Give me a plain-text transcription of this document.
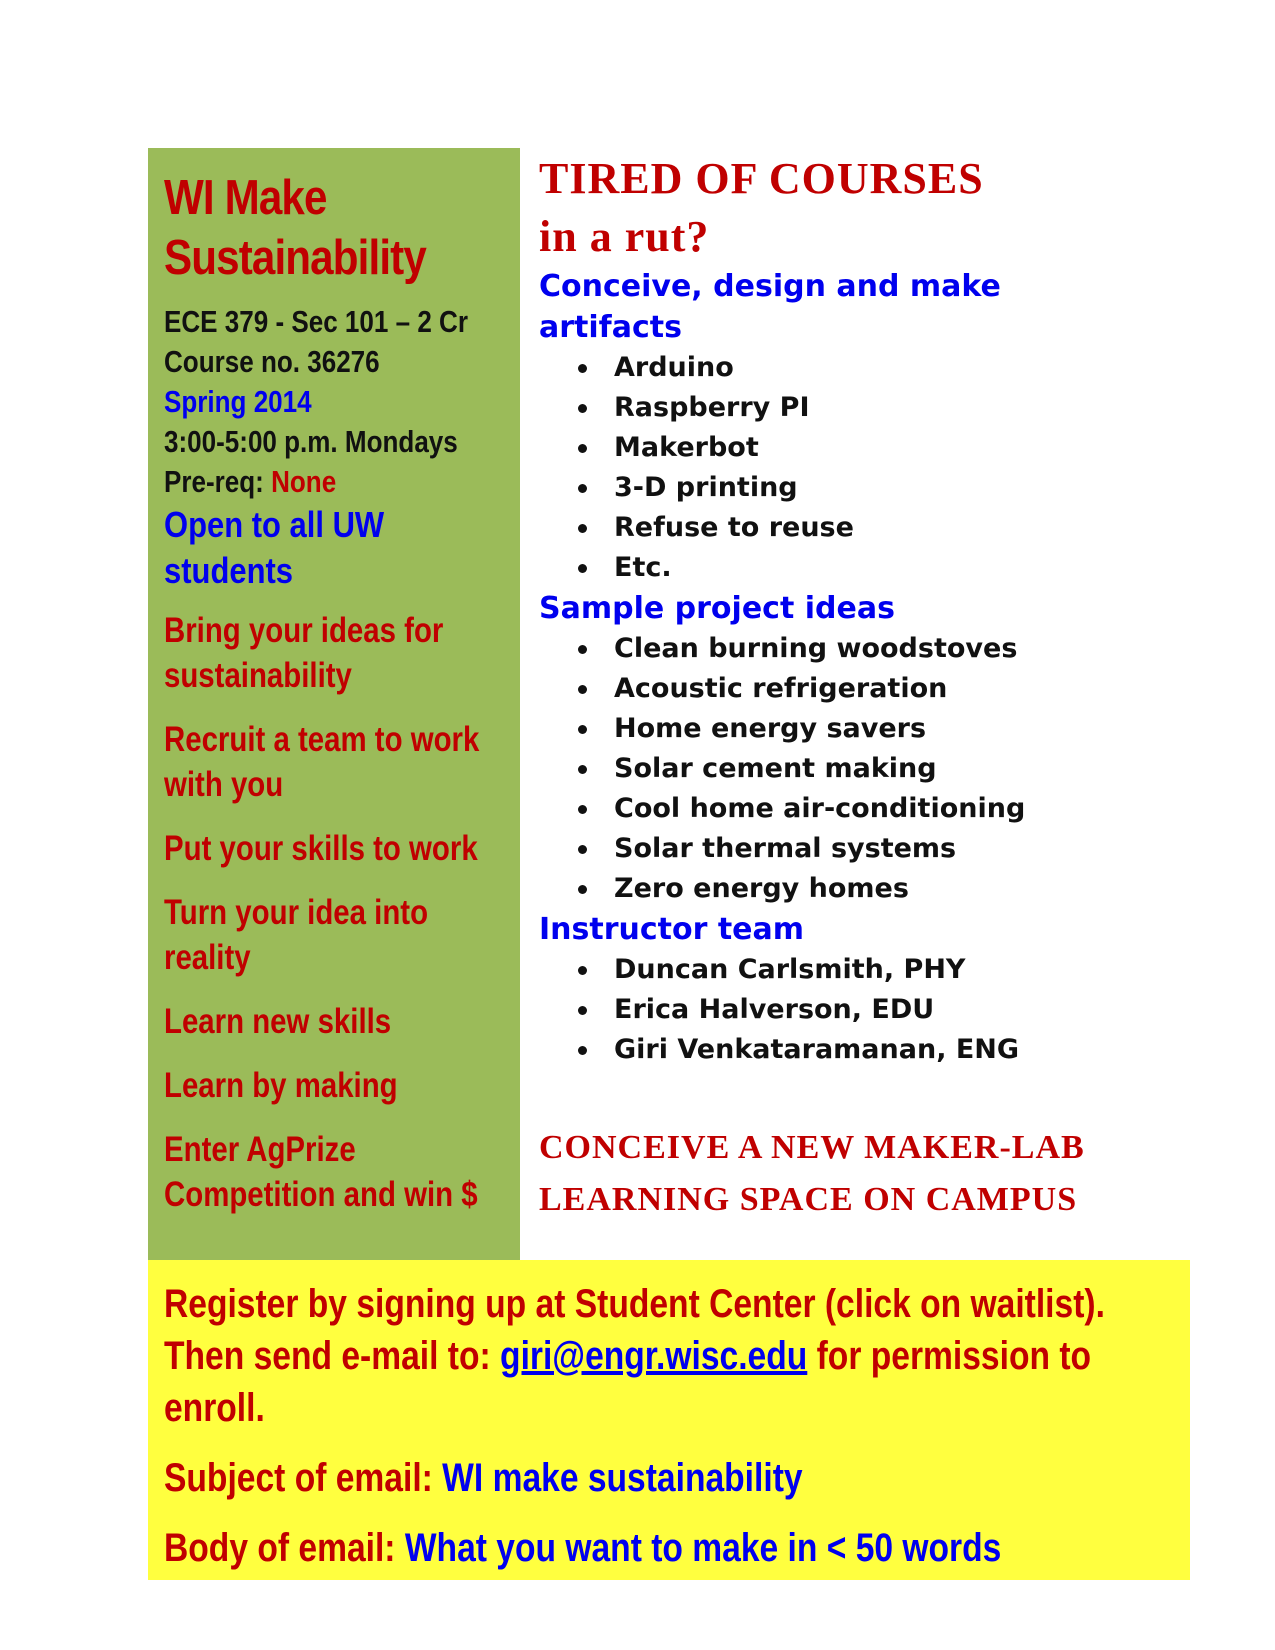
WI Make
Sustainability
ECE 379 - Sec 101 – 2 Cr
Course no. 36276
Spring 2014
3:00-5:00 p.m. Mondays
Pre-req: None
Open to all UW
students
Bring your ideas for
sustainability
Recruit a team to work
with you
Put your skills to work
Turn your idea into
reality
Learn new skills
Learn by making
Enter AgPrize
Competition and win $
TIRED OF COURSES
in a rut?
Conceive, design and make
artifacts
Arduino
Raspberry PI
Makerbot
3-D printing
Refuse to reuse
Etc.
Sample project ideas
Clean burning woodstoves
Acoustic refrigeration
Home energy savers
Solar cement making
Cool home air-conditioning
Solar thermal systems
Zero energy homes
Instructor team
Duncan Carlsmith, PHY
Erica Halverson, EDU
Giri Venkataramanan, ENG
CONCEIVE A NEW MAKER-LAB
LEARNING SPACE ON CAMPUS
Register by signing up at Student Center (click on waitlist).
Then send e-mail to: giri@engr.wisc.edu for permission to
enroll.
Subject of email: WI make sustainability
Body of email: What you want to make in < 50 words
